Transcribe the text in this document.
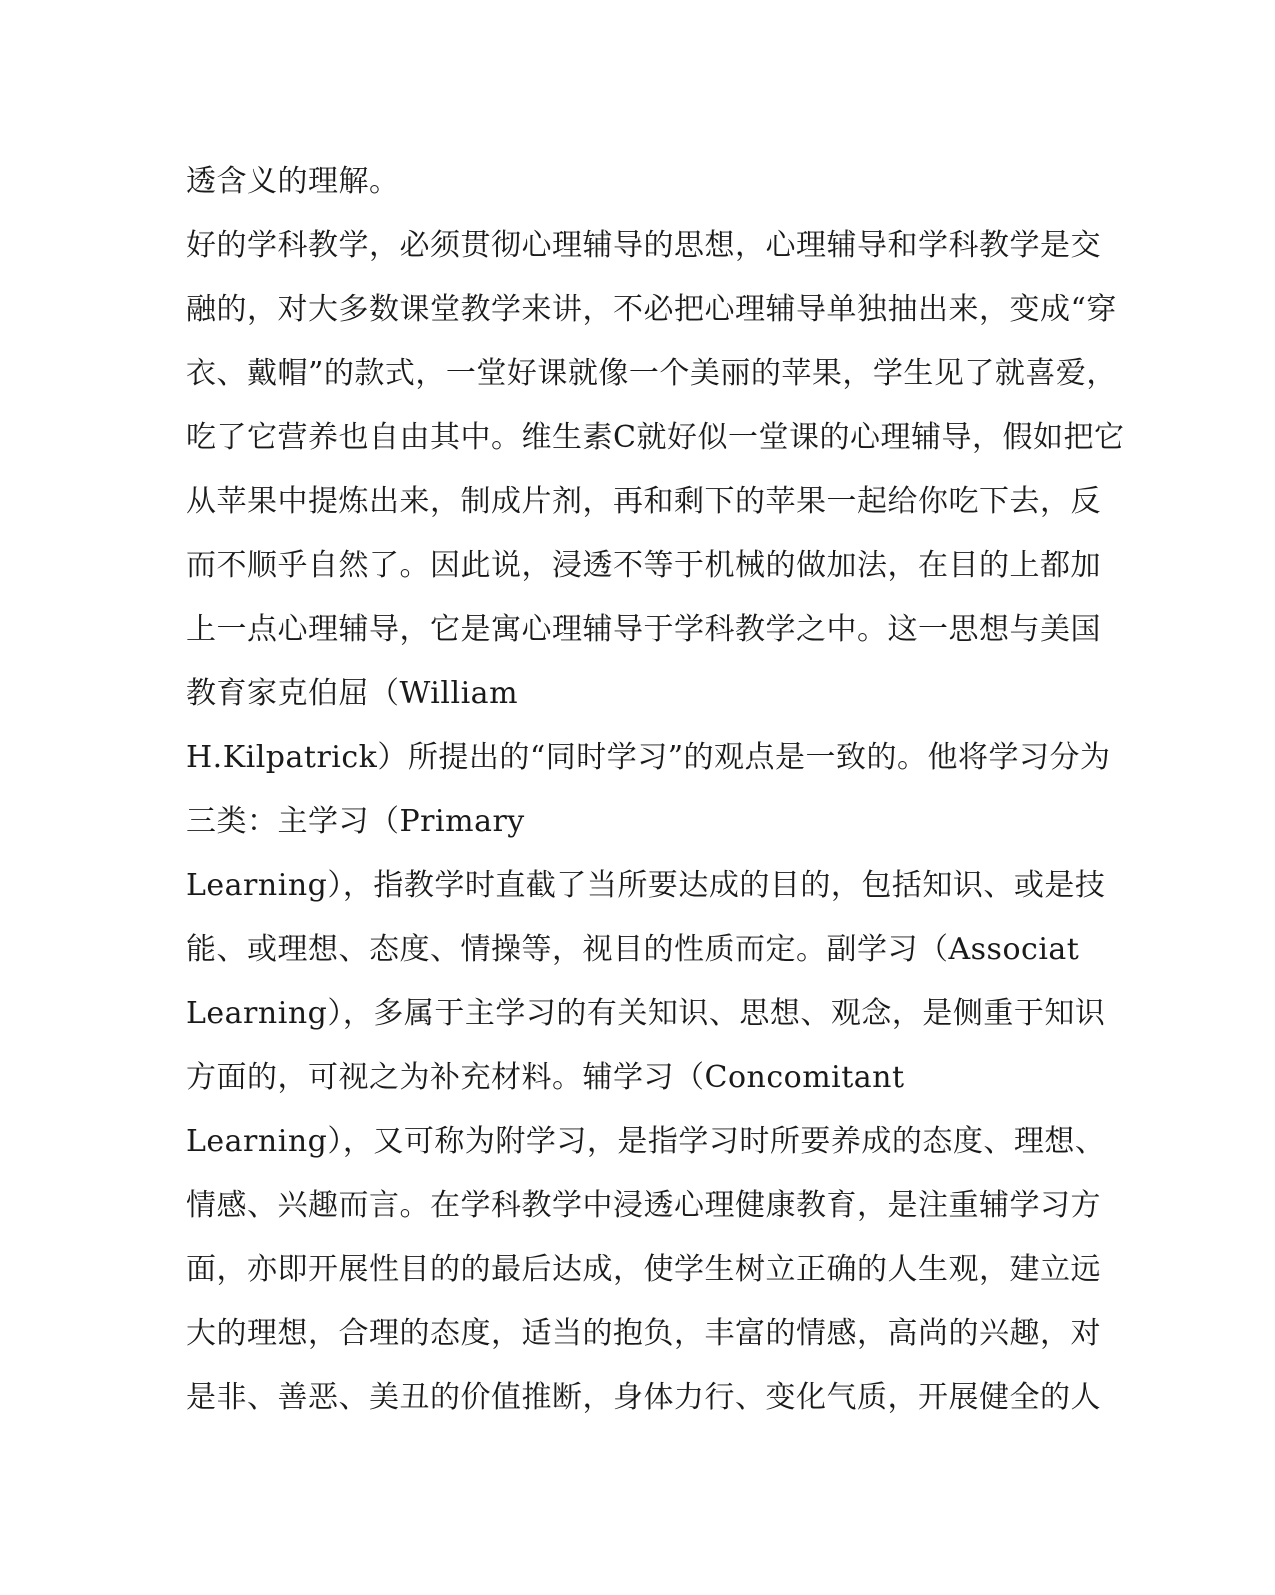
透含义的理解。
好的学科教学，必须贯彻心理辅导的思想，心理辅导和学科教学是交
融的，对大多数课堂教学来讲，不必把心理辅导单独抽出来，变成“穿
衣、戴帽”的款式，一堂好课就像一个美丽的苹果，学生见了就喜爱，
吃了它营养也自由其中。维生素C就好似一堂课的心理辅导，假如把它
从苹果中提炼出来，制成片剂，再和剩下的苹果一起给你吃下去，反
而不顺乎自然了。因此说，浸透不等于机械的做加法，在目的上都加
上一点心理辅导，它是寓心理辅导于学科教学之中。这一思想与美国
教育家克伯屈（William
H.Kilpatrick）所提出的“同时学习”的观点是一致的。他将学习分为
三类：主学习（Primary
Learning），指教学时直截了当所要达成的目的，包括知识、或是技
能、或理想、态度、情操等，视目的性质而定。副学习（Associat
Learning），多属于主学习的有关知识、思想、观念，是侧重于知识
方面的，可视之为补充材料。辅学习（Concomitant
Learning），又可称为附学习，是指学习时所要养成的态度、理想、
情感、兴趣而言。在学科教学中浸透心理健康教育，是注重辅学习方
面，亦即开展性目的的最后达成，使学生树立正确的人生观，建立远
大的理想，合理的态度，适当的抱负，丰富的情感，高尚的兴趣，对
是非、善恶、美丑的价值推断，身体力行、变化气质，开展健全的人
